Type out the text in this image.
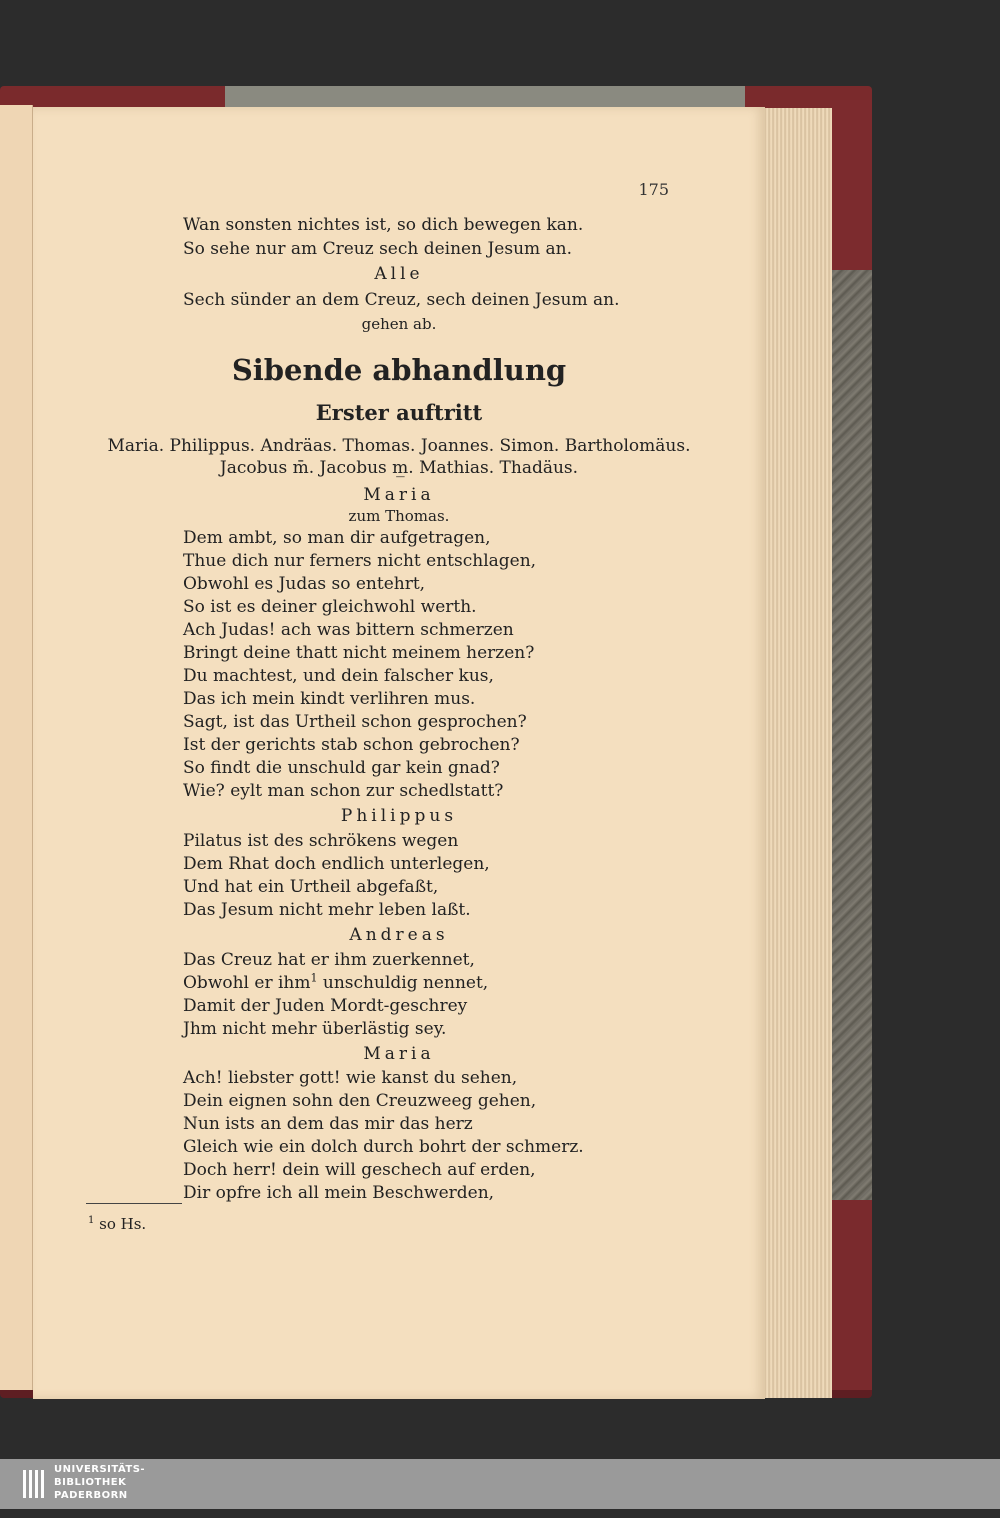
175
Wan sonsten nichtes ist, so dich bewegen kan.
So sehe nur am Creuz sech deinen Jesum an.
Alle
Sech sünder an dem Creuz, sech deinen Jesum an.
gehen ab.
Sibende abhandlung
Erster auftritt
Maria. Philippus. Andräas. Thomas. Joannes. Simon. Bartholomäus.
Jacobus m̄. Jacobus m̲. Mathias. Thadäus.
Maria
zum Thomas.
Dem ambt, so man dir aufgetragen,
Thue dich nur ferners nicht entschlagen,
Obwohl es Judas so entehrt,
So ist es deiner gleichwohl werth.
Ach Judas! ach was bittern schmerzen
Bringt deine thatt nicht meinem herzen?
Du machtest, und dein falscher kus,
Das ich mein kindt verlihren mus.
Sagt, ist das Urtheil schon gesprochen?
Ist der gerichts stab schon gebrochen?
So findt die unschuld gar kein gnad?
Wie? eylt man schon zur schedlstatt?
Philippus
Pilatus ist des schrökens wegen
Dem Rhat doch endlich unterlegen,
Und hat ein Urtheil abgefaßt,
Das Jesum nicht mehr leben laßt.
Andreas
Das Creuz hat er ihm zuerkennet,
Obwohl er ihm$^1$ unschuldig nennet,
Damit der Juden Mordt-geschrey
Jhm nicht mehr überlästig sey.
Maria
Ach! liebster gott! wie kanst du sehen,
Dein eignen sohn den Creuzweeg gehen,
Nun ists an dem das mir das herz
Gleich wie ein dolch durch bohrt der schmerz.
Doch herr! dein will geschech auf erden,
Dir opfre ich all mein Beschwerden,
$^1$ so Hs.
UNIVERSITÄTS-
BIBLIOTHEK
PADERBORN
